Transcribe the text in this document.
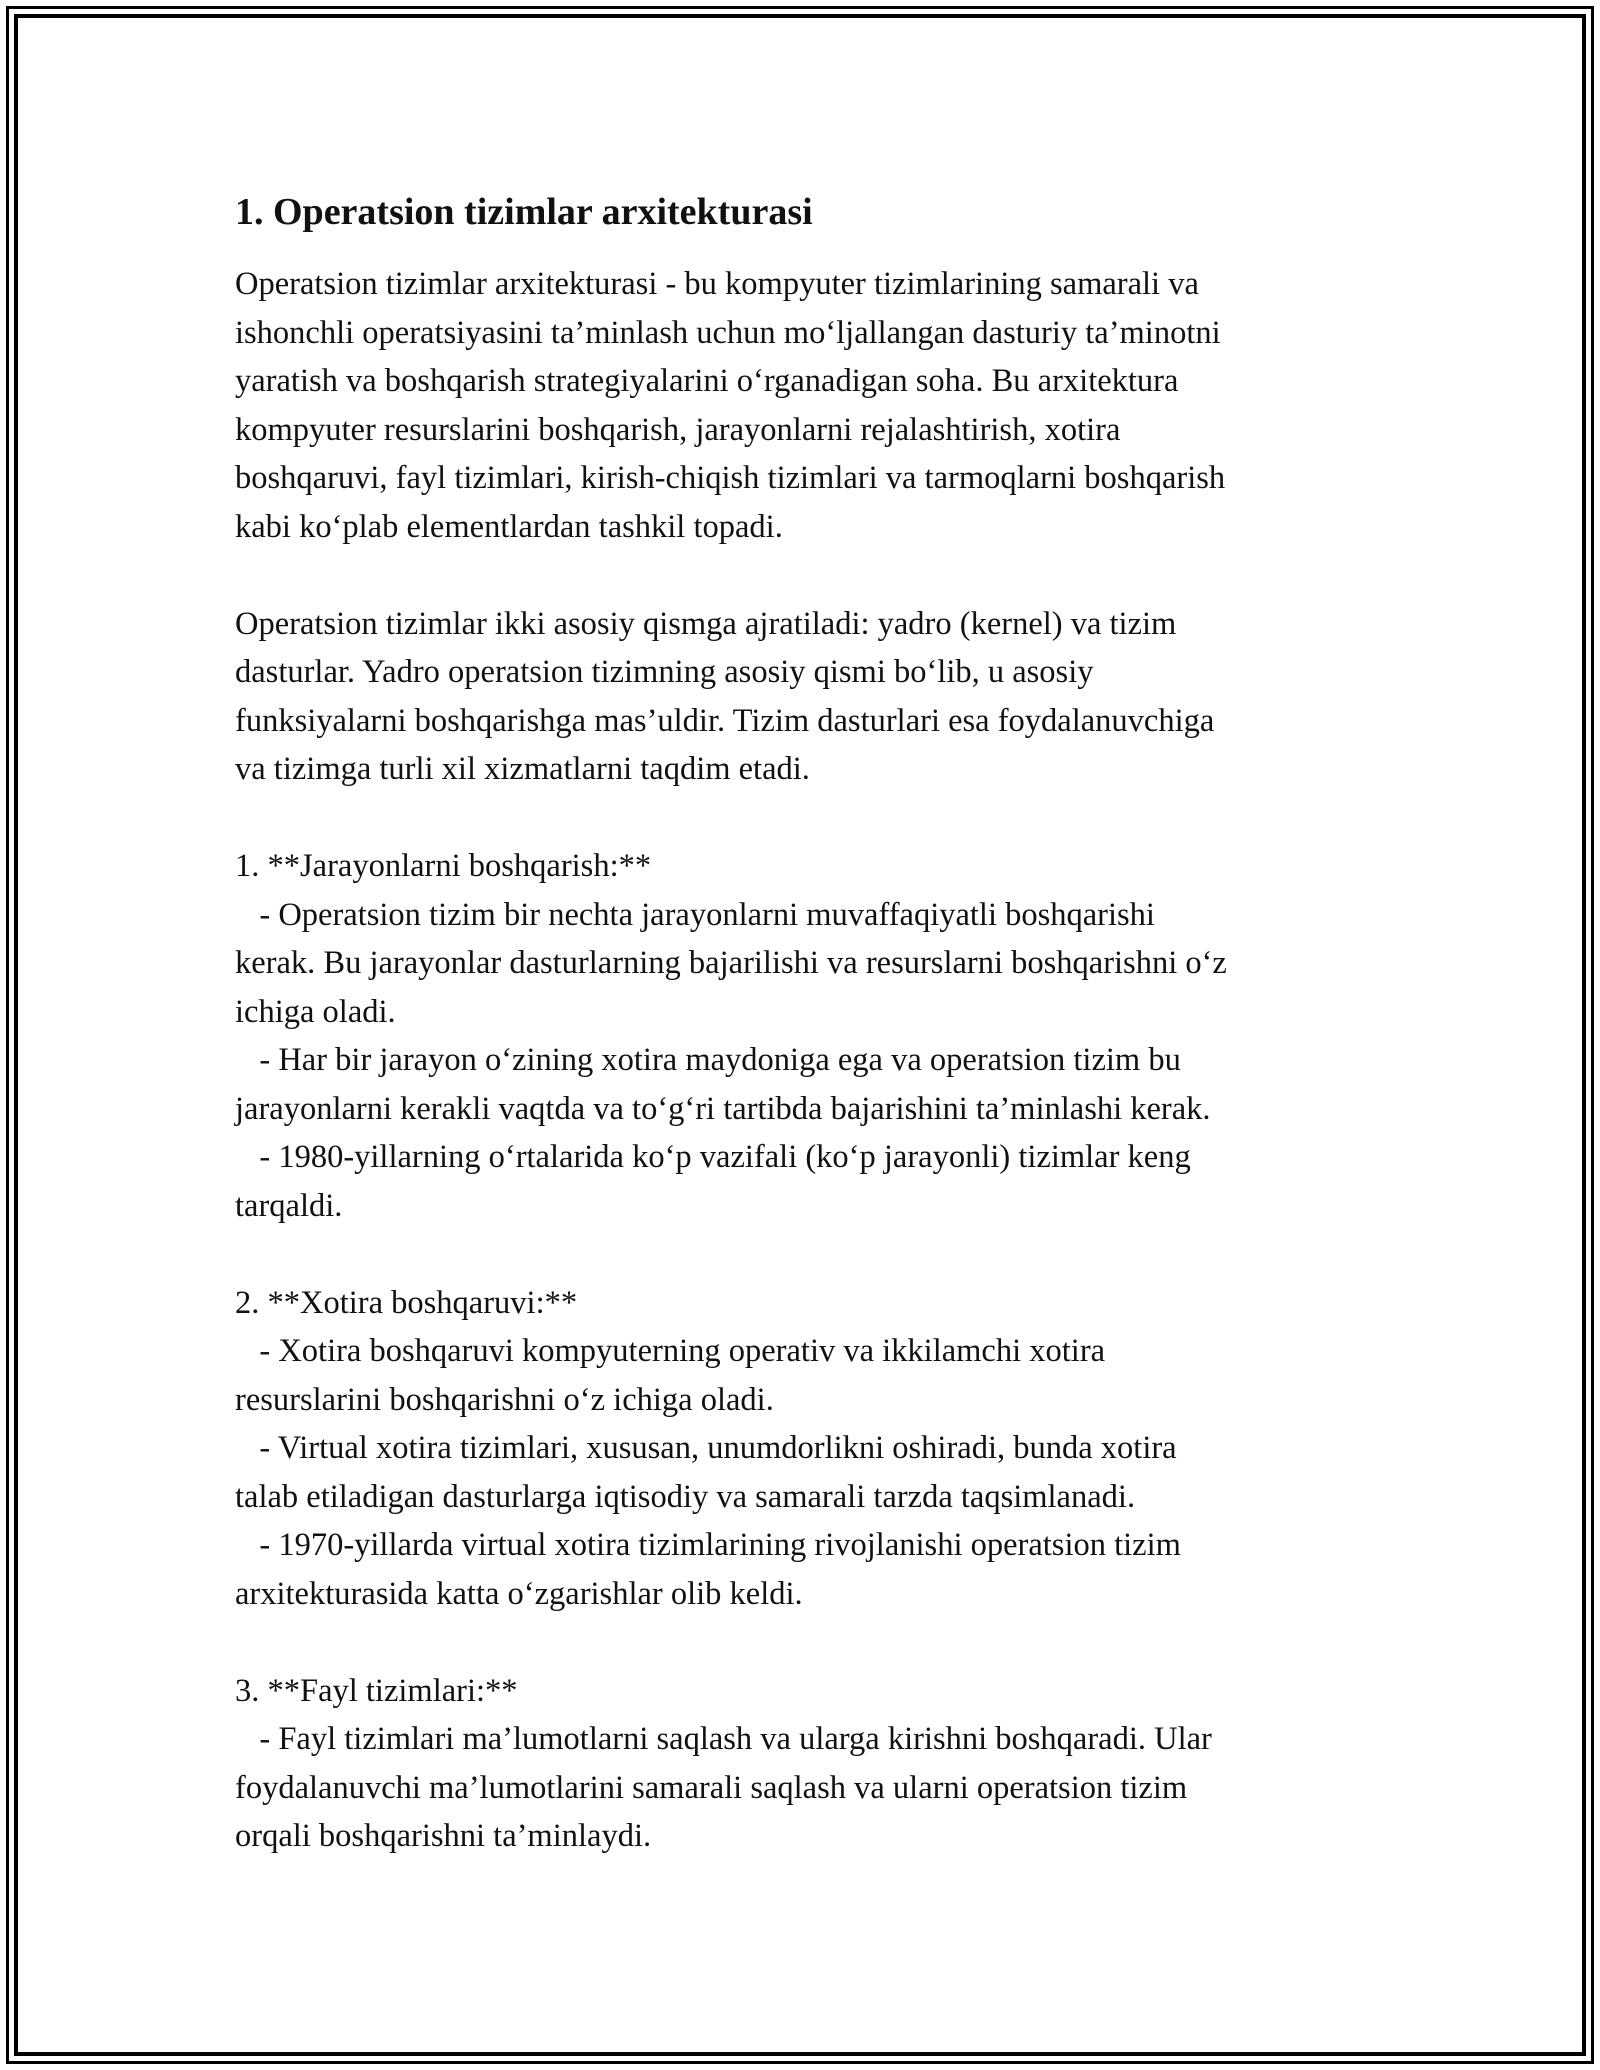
1. Operatsion tizimlar arxitekturasi
Operatsion tizimlar arxitekturasi - bu kompyuter tizimlarining samarali va
ishonchli operatsiyasini ta’minlash uchun mo‘ljallangan dasturiy ta’minotni
yaratish va boshqarish strategiyalarini o‘rganadigan soha. Bu arxitektura
kompyuter resurslarini boshqarish, jarayonlarni rejalashtirish, xotira
boshqaruvi, fayl tizimlari, kirish-chiqish tizimlari va tarmoqlarni boshqarish
kabi ko‘plab elementlardan tashkil topadi.
Operatsion tizimlar ikki asosiy qismga ajratiladi: yadro (kernel) va tizim
dasturlar. Yadro operatsion tizimning asosiy qismi bo‘lib, u asosiy
funksiyalarni boshqarishga mas’uldir. Tizim dasturlari esa foydalanuvchiga
va tizimga turli xil xizmatlarni taqdim etadi.
1. **Jarayonlarni boshqarish:**
- Operatsion tizim bir nechta jarayonlarni muvaffaqiyatli boshqarishi
kerak. Bu jarayonlar dasturlarning bajarilishi va resurslarni boshqarishni o‘z
ichiga oladi.
- Har bir jarayon o‘zining xotira maydoniga ega va operatsion tizim bu
jarayonlarni kerakli vaqtda va to‘g‘ri tartibda bajarishini ta’minlashi kerak.
- 1980-yillarning o‘rtalarida ko‘p vazifali (ko‘p jarayonli) tizimlar keng
tarqaldi.
2. **Xotira boshqaruvi:**
- Xotira boshqaruvi kompyuterning operativ va ikkilamchi xotira
resurslarini boshqarishni o‘z ichiga oladi.
- Virtual xotira tizimlari, xususan, unumdorlikni oshiradi, bunda xotira
talab etiladigan dasturlarga iqtisodiy va samarali tarzda taqsimlanadi.
- 1970-yillarda virtual xotira tizimlarining rivojlanishi operatsion tizim
arxitekturasida katta o‘zgarishlar olib keldi.
3. **Fayl tizimlari:**
- Fayl tizimlari ma’lumotlarni saqlash va ularga kirishni boshqaradi. Ular
foydalanuvchi ma’lumotlarini samarali saqlash va ularni operatsion tizim
orqali boshqarishni ta’minlaydi.
